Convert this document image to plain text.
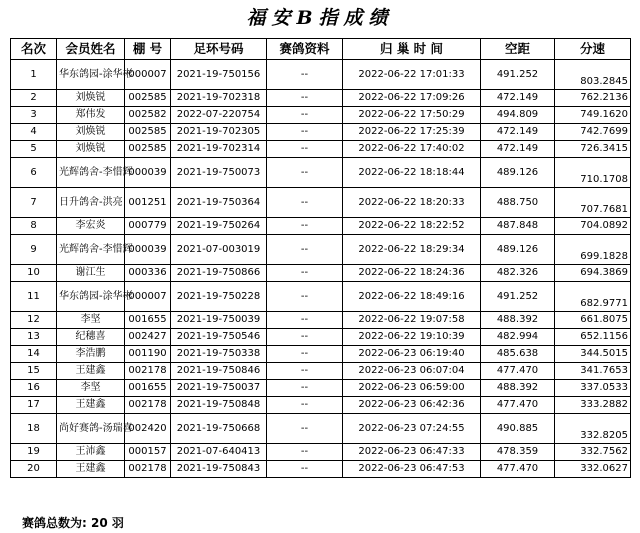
福安B指成绩
名次	会员姓名	棚 号	足环号码	赛鸽资料	归 巢 时 间	空距	分速
1	华东鸽园-涂华彬	000007	2021-19-750156	--	2022-06-22 17:01:33	491.252	803.2845
2	刘焕锐	002585	2021-19-702318	--	2022-06-22 17:09:26	472.149	762.2136
3	郑伟发	002582	2022-07-220754	--	2022-06-22 17:50:29	494.809	749.1620
4	刘焕锐	002585	2021-19-702305	--	2022-06-22 17:25:39	472.149	742.7699
5	刘焕锐	002585	2021-19-702314	--	2022-06-22 17:40:02	472.149	726.3415
6	光辉鸽舍-李惜辉	000039	2021-19-750073	--	2022-06-22 18:18:44	489.126	710.1708
7	日升鸽舍-洪亮	001251	2021-19-750364	--	2022-06-22 18:20:33	488.750	707.7681
8	李宏炎	000779	2021-19-750264	--	2022-06-22 18:22:52	487.848	704.0892
9	光辉鸽舍-李惜辉	000039	2021-07-003019	--	2022-06-22 18:29:34	489.126	699.1828
10	谢江生	000336	2021-19-750866	--	2022-06-22 18:24:36	482.326	694.3869
11	华东鸽园-涂华彬	000007	2021-19-750228	--	2022-06-22 18:49:16	491.252	682.9771
12	李坚	001655	2021-19-750039	--	2022-06-22 19:07:58	488.392	661.8075
13	纪穗喜	002427	2021-19-750546	--	2022-06-22 19:10:39	482.994	652.1156
14	李浩鹏	001190	2021-19-750338	--	2022-06-23 06:19:40	485.638	344.5015
15	王建鑫	002178	2021-19-750846	--	2022-06-23 06:07:04	477.470	341.7653
16	李坚	001655	2021-19-750037	--	2022-06-23 06:59:00	488.392	337.0533
17	王建鑫	002178	2021-19-750848	--	2022-06-23 06:42:36	477.470	333.2882
18	尚好赛鸽-汤瑞喜	002420	2021-19-750668	--	2022-06-23 07:24:55	490.885	332.8205
19	王沛鑫	000157	2021-07-640413	--	2022-06-23 06:47:33	478.359	332.7562
20	王建鑫	002178	2021-19-750843	--	2022-06-23 06:47:53	477.470	332.0627
赛鸽总数为: 20 羽
